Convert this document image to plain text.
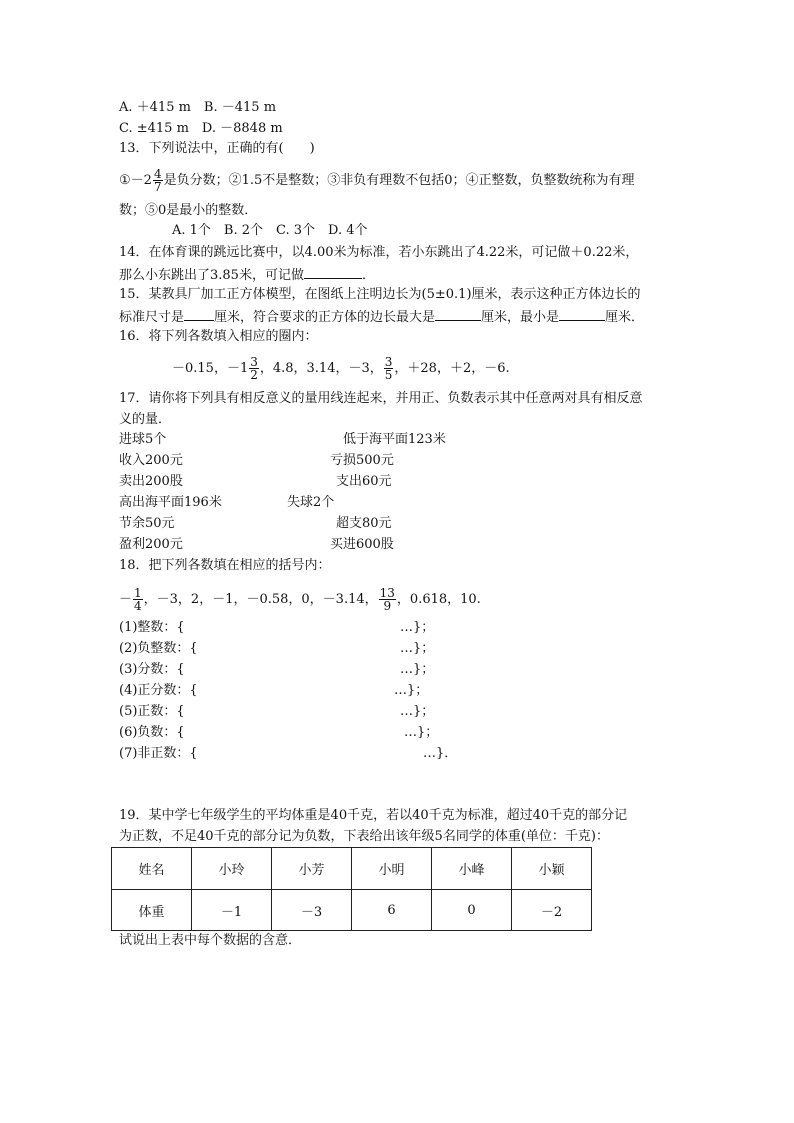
A. ＋415 m　B. －415 m
C. ±415 m　D. －8848 m
13．下列说法中，正确的有(　　)
①－2 $\frac{4}{7}$ 是负分数；②1.5不是整数；③非负有理数不包括0；④正整数，负整数统称为有理
数；⑤0是最小的整数．
A. 1个　B. 2个　C. 3个　D. 4个
14．在体育课的跳远比赛中，以4.00米为标准，若小东跳出了4.22米，可记做＋0.22米，
那么小东跳出了3.85米，可记做	．
15．某教具厂加工正方体模型，在图纸上注明边长为(5±0.1)厘米，表示这种正方体边长的
标准尺寸是 厘米，符合要求的正方体的边长最大是	厘米，最小是	厘米．
16．将下列各数填入相应的圈内：
－0.15，$-1 \frac{3}{2}$ ，4.8，3.14，－3， $\frac{3}{5}$ ，＋28，＋2，－6.
17．请你将下列具有相反意义的量用线连起来，并用正、负数表示其中任意两对具有相反意
义的量．
进球5个	低于海平面123米
收入200元	亏损500元
卖出200股	支出60元
高出海平面196米	失球2个
节余50元	超支80元
盈利200元	买进600股
18．把下列各数填在相应的括号内：
－ $\frac{1}{4}$ ，－3，2，－1，－0.58，0，－3.14， $\frac{13}{9}$ ，0.618，10.
(1)整数：{	…}；
(2)负整数：{	…}；
(3)分数：{	…}；
(4)正分数：{	…}；
(5)正数：{	…}；
(6)负数：{	…}；
(7)非正数：{	…}．
19．某中学七年级学生的平均体重是40千克，若以40千克为标准，超过40千克的部分记
为正数，不足40千克的部分记为负数，下表给出该年级5名同学的体重(单位：千克)：
姓名	小玲	小芳	小明	小峰	小颖
体重	－1	－3	6	0	－2
试说出上表中每个数据的含意．
